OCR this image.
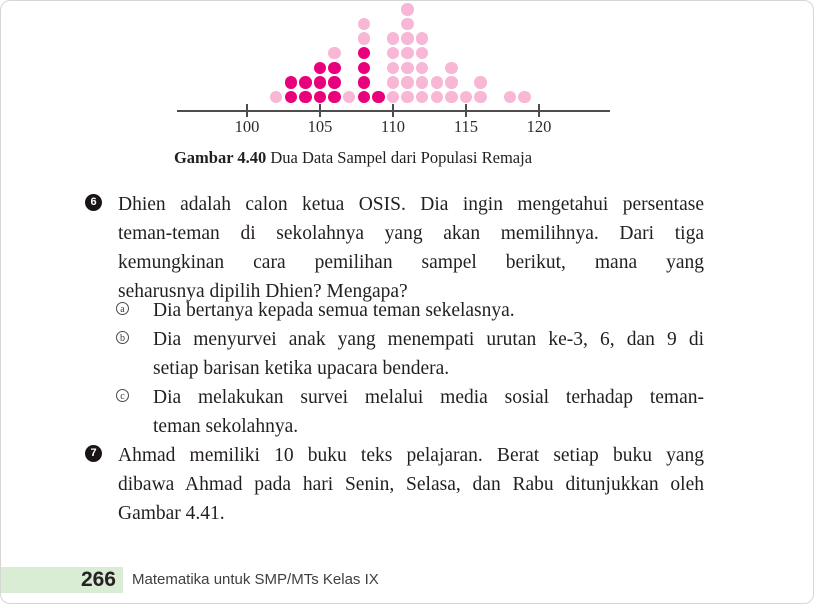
100	105	110	115	120
Gambar 4.40 Dua Data Sampel dari Populasi Remaja
6 Dhien adalah calon ketua OSIS. Dia ingin mengetahui persentase
teman-teman di sekolahnya yang akan memilihnya. Dari tiga
kemungkinan cara pemilihan sampel berikut, mana yang
seharusnya dipilih Dhien? Mengapa?
a Dia bertanya kepada semua teman sekelasnya.
b Dia menyurvei anak yang menempati urutan ke-3, 6, dan 9 di
setiap barisan ketika upacara bendera.
c Dia melakukan survei melalui media sosial terhadap teman-
teman sekolahnya.
7 Ahmad memiliki 10 buku teks pelajaran. Berat setiap buku yang
dibawa Ahmad pada hari Senin, Selasa, dan Rabu ditunjukkan oleh
Gambar 4.41.
266 Matematika untuk SMP/MTs Kelas IX
